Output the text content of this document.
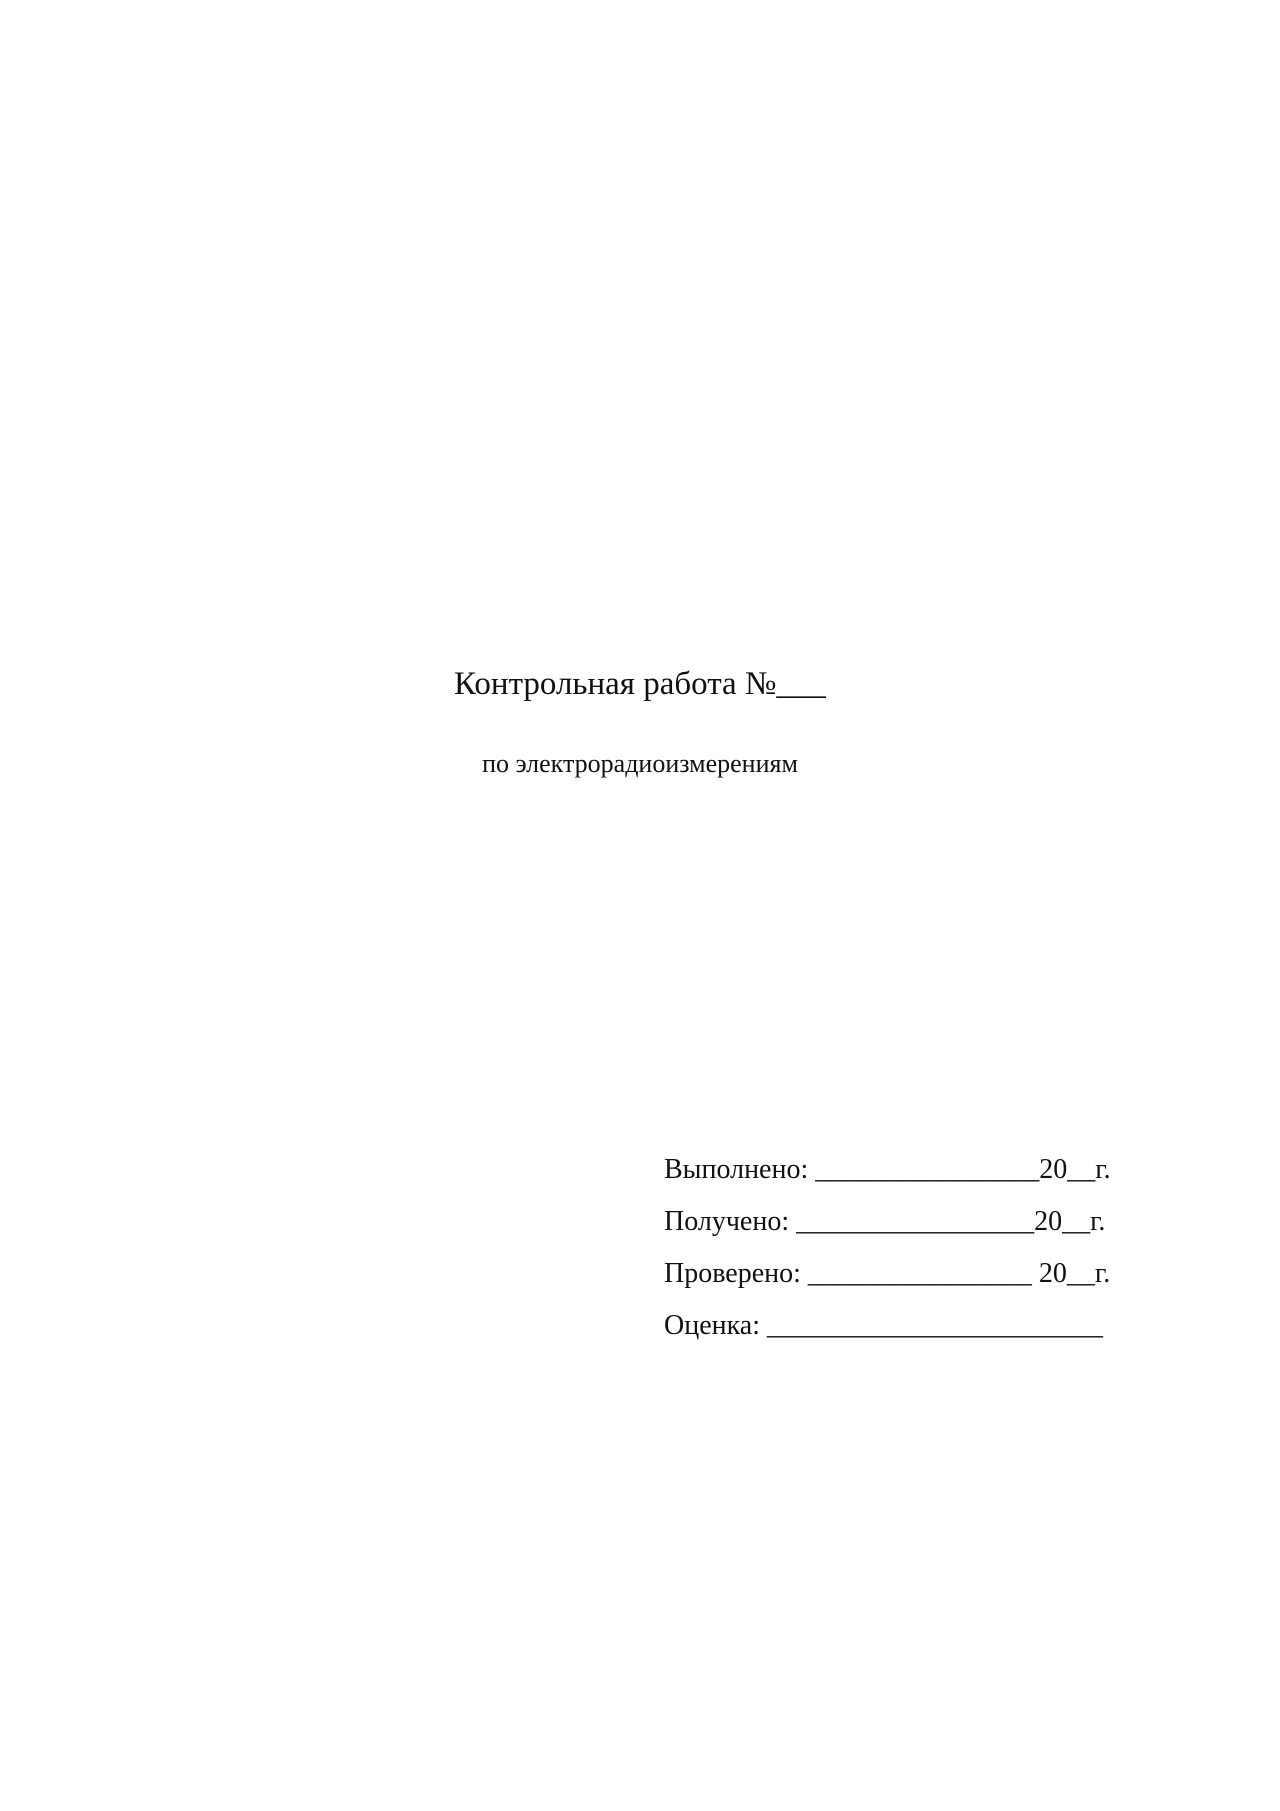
Контрольная работа №___
по электрорадиоизмерениям
Выполнено: ________________20__г.
Получено: _________________20__г.
Проверено: ________________ 20__г.
Оценка: ________________________
